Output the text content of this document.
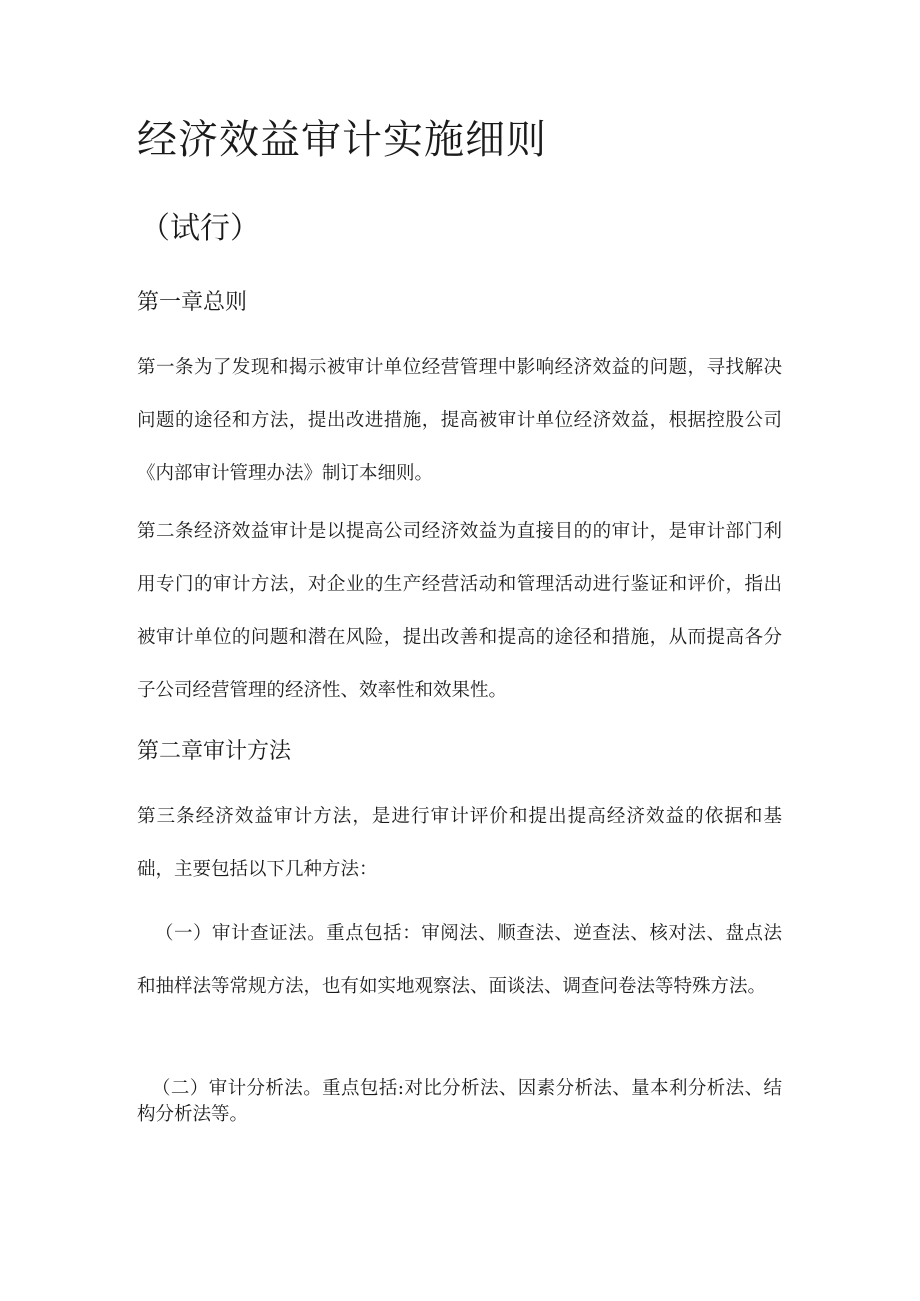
经济效益审计实施细则
（试行）
第一章总则

第一条为了发现和揭示被审计单位经营管理中影响经济效益的问题，寻找解决问题的途径和方法，提出改进措施，提高被审计单位经济效益，根据控股公司《内部审计管理办法》制订本细则。

第二条经济效益审计是以提高公司经济效益为直接目的的审计，是审计部门利用专门的审计方法，对企业的生产经营活动和管理活动进行鉴证和评价，指出被审计单位的问题和潜在风险，提出改善和提高的途径和措施，从而提高各分子公司经营管理的经济性、效率性和效果性。

第二章审计方法

第三条经济效益审计方法，是进行审计评价和提出提高经济效益的依据和基础，主要包括以下几种方法：

（一）审计查证法。重点包括：审阅法、顺查法、逆查法、核对法、盘点法和抽样法等常规方法，也有如实地观察法、面谈法、调查问卷法等特殊方法。

（二）审计分析法。重点包括:对比分析法、因素分析法、量本利分析法、结构分析法等。
